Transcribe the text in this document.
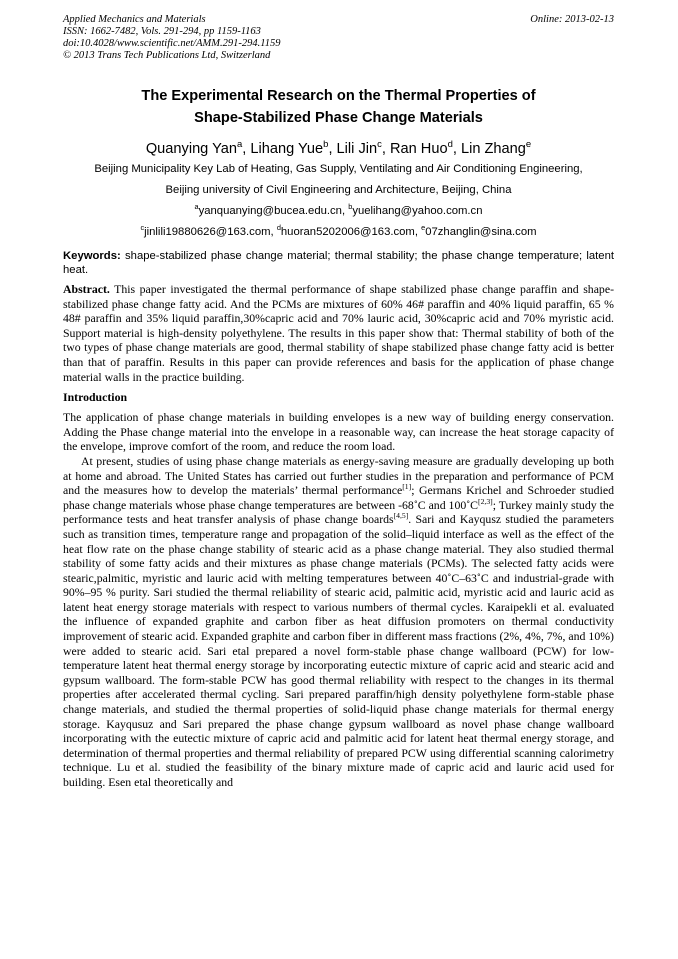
Applied Mechanics and Materials
ISSN: 1662-7482, Vols. 291-294, pp 1159-1163
doi:10.4028/www.scientific.net/AMM.291-294.1159
© 2013 Trans Tech Publications Ltd, Switzerland
Online: 2013-02-13
The Experimental Research on the Thermal Properties of
Shape-Stabilized Phase Change Materials
Quanying Yan$^a$, Lihang Yue$^b$, Lili Jin$^c$, Ran Huo$^d$, Lin Zhang$^e$
Beijing Municipality Key Lab of Heating, Gas Supply, Ventilating and Air Conditioning Engineering,
Beijing university of Civil Engineering and Architecture, Beijing, China
$^a$yanquanying@bucea.edu.cn, $^b$yuelihang@yahoo.com.cn
$^c$jinlili19880626@163.com, $^d$huoran5202006@163.com, $^e$07zhanglin@sina.com

Keywords: shape-stabilized phase change material; thermal stability; the phase change temperature; latent heat.

Abstract. This paper investigated the thermal performance of shape stabilized phase change paraffin and shape-stabilized phase change fatty acid. And the PCMs are mixtures of 60% 46# paraffin and 40% liquid paraffin, 65 % 48# paraffin and 35% liquid paraffin,30%capric acid and 70% lauric acid, 30%capric acid and 70% myristic acid. Support material is high-density polyethylene. The results in this paper show that: Thermal stability of both of the two types of phase change materials are good, thermal stability of shape stabilized phase change fatty acid is better than that of paraffin. Results in this paper can provide references and basis for the application of phase change material walls in the practice building.

Introduction

The application of phase change materials in building envelopes is a new way of building energy conservation. Adding the Phase change material into the envelope in a reasonable way, can increase the heat storage capacity of the envelope, improve comfort of the room, and reduce the room load.

At present, studies of using phase change materials as energy-saving measure are gradually developing up both at home and abroad. The United States has carried out further studies in the preparation and performance of PCM and the measures how to develop the materials’ thermal performance[1]; Germans Krichel and Schroeder studied phase change materials whose phase change temperatures are between -68˚C and 100˚C[2,3]; Turkey mainly study the performance tests and heat transfer analysis of phase change boards[4,5]. Sari and Kayqusz studied the parameters such as transition times, temperature range and propagation of the solid–liquid interface as well as the effect of the heat flow rate on the phase change stability of stearic acid as a phase change material. They also studied thermal stability of some fatty acids and their mixtures as phase change materials (PCMs). The selected fatty acids were stearic,palmitic, myristic and lauric acid with melting temperatures between 40˚C–63˚C and industrial-grade with 90%–95 % purity. Sari studied the thermal reliability of stearic acid, palmitic acid, myristic acid and lauric acid as latent heat energy storage materials with respect to various numbers of thermal cycles. Karaipekli et al. evaluated the influence of expanded graphite and carbon fiber as heat diffusion promoters on thermal conductivity improvement of stearic acid. Expanded graphite and carbon fiber in different mass fractions (2%, 4%, 7%, and 10%) were added to stearic acid. Sari etal prepared a novel form-stable phase change wallboard (PCW) for low-temperature latent heat thermal energy storage by incorporating eutectic mixture of capric acid and stearic acid and gypsum wallboard. The form-stable PCW has good thermal reliability with respect to the changes in its thermal properties after accelerated thermal cycling. Sari prepared paraffin/high density polyethylene form-stable phase change materials, and studied the thermal properties of solid-liquid phase change materials for thermal energy storage. Kayqusuz and Sari prepared the phase change gypsum wallboard as novel phase change wallboard incorporating with the eutectic mixture of capric acid and palmitic acid for latent heat thermal energy storage, and determination of thermal properties and thermal reliability of prepared PCW using differential scanning calorimetry technique. Lu et al. studied the feasibility of the binary mixture made of capric acid and lauric acid used for building. Esen etal theoretically and
